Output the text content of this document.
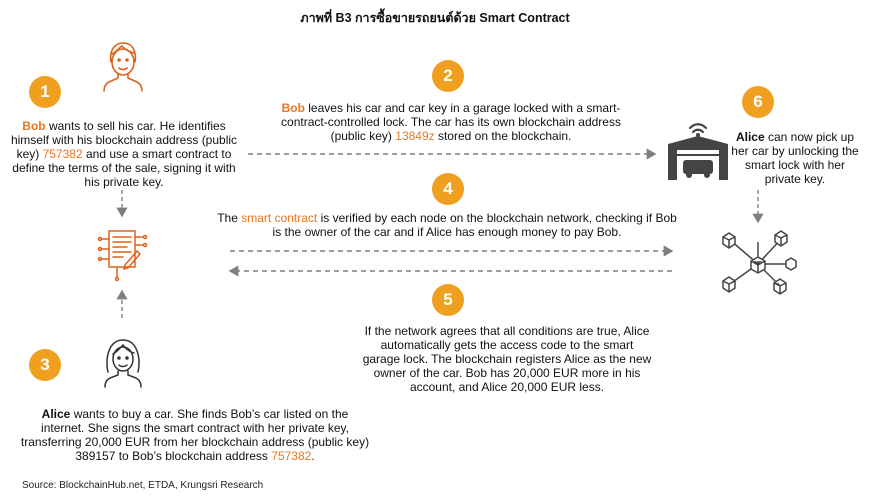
ภาพที่ B3 การซื้อขายรถยนต์ด้วย Smart Contract
1
2
3
4
5
6
Bob wants to sell his car. He identifies himself with his blockchain address (public key) 757382 and use a smart contract to define the terms of the sale, signing it with his private key.
Bob leaves his car and car key in a garage locked with a smart-contract-controlled lock. The car has its own blockchain address (public key) 13849z stored on the blockchain.
The smart contract is verified by each node on the blockchain network, checking if Bob is the owner of the car and if Alice has enough money to pay Bob.
If the network agrees that all conditions are true, Alice automatically gets the access code to the smart garage lock. The blockchain registers Alice as the new owner of the car. Bob has 20,000 EUR more in his account, and Alice 20,000 EUR less.
Alice wants to buy a car. She finds Bob’s car listed on the internet. She signs the smart contract with her private key, transferring 20,000 EUR from her blockchain address (public key) 389157 to Bob’s blockchain address 757382.
Alice can now pick up her car by unlocking the smart lock with her private key.
Source: BlockchainHub.net, ETDA, Krungsri Research
